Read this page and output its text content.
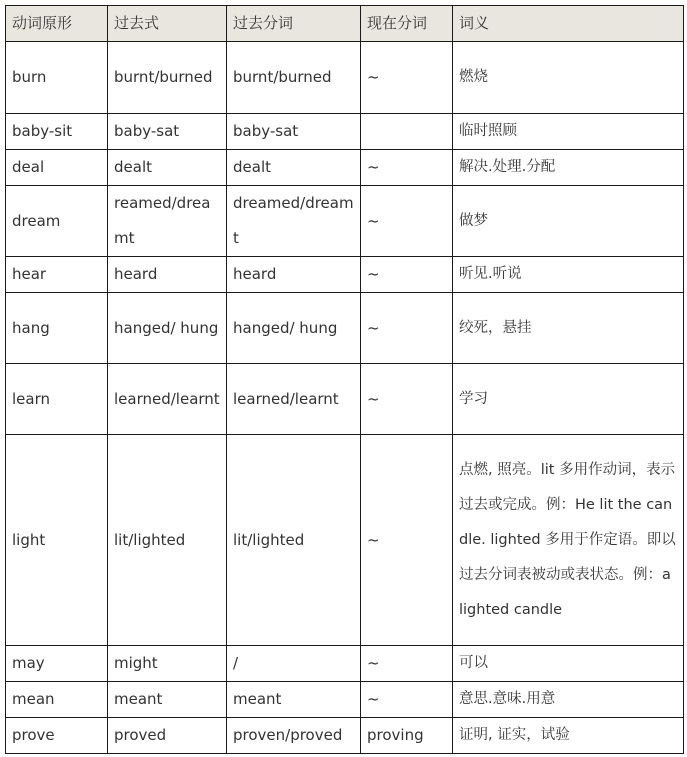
动词原形	过去式	过去分词	现在分词	词义
burn	burnt/burned	burnt/burned	~	燃烧
baby-sit	baby-sat	baby-sat		临时照顾
deal	dealt	dealt	~	解决.处理.分配
dream	reamed/dreamt	dreamed/dreamt	~	做梦
hear	heard	heard	~	听见.听说
hang	hanged/ hung	hanged/ hung	~	绞死，悬挂
learn	learned/learnt	learned/learnt	~	学习
light	lit/lighted	lit/lighted	~	点燃, 照亮。lit 多用作动词，表示过去或完成。例：He lit the candle. lighted 多用于作定语。即以过去分词表被动或表状态。例：a lighted candle
may	might	/	~	可以
mean	meant	meant	~	意思.意味.用意
prove	proved	proven/proved	proving	证明, 证实，试验
